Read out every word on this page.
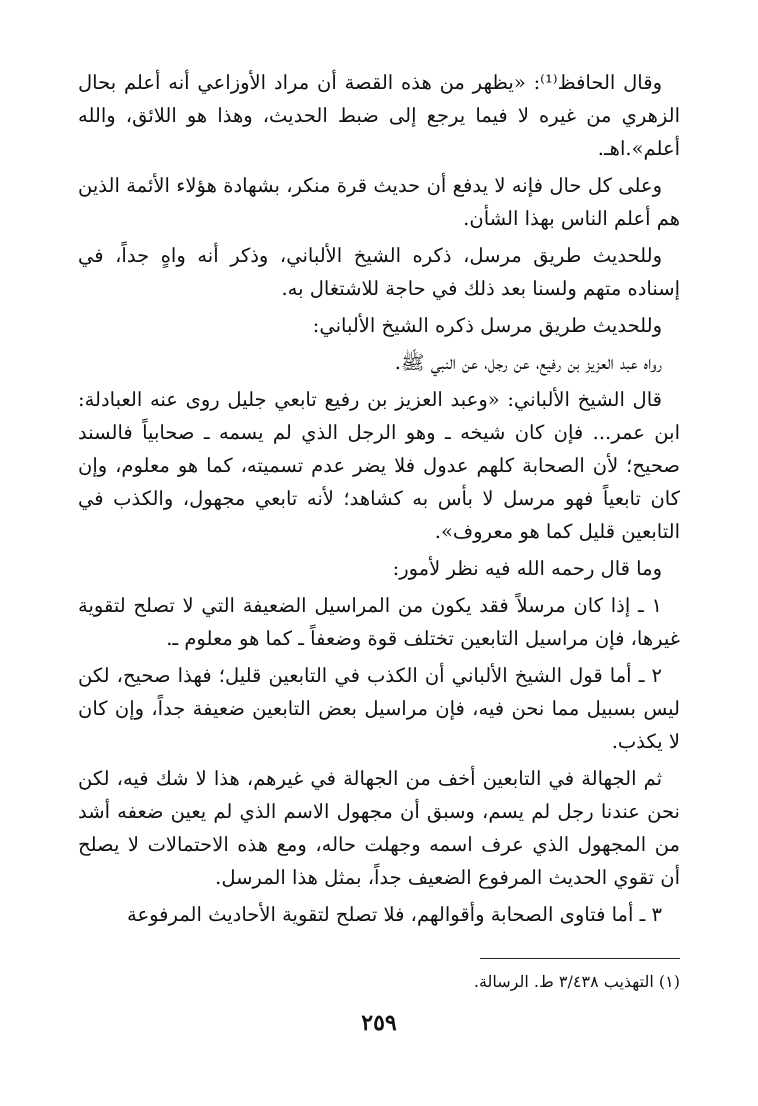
وقال الحافظ⁽¹⁾: «يظهر من هذه القصة أن مراد الأوزاعي أنه أعلم بحال الزهري من غيره لا فيما يرجع إلى ضبط الحديث، وهذا هو اللائق، والله أعلم».اهـ.

وعلى كل حال فإنه لا يدفع أن حديث قرة منكر، بشهادة هؤلاء الأئمة الذين هم أعلم الناس بهذا الشأن.

وللحديث طريق مرسل، ذكره الشيخ الألباني، وذكر أنه واهٍ جداً، في إسناده متهم ولسنا بعد ذلك في حاجة للاشتغال به.

وللحديث طريق مرسل ذكره الشيخ الألباني:

رواه عبد العزيز بن رفيع، عن رجل، عن النبي ﷺ.

قال الشيخ الألباني: «وعبد العزيز بن رفيع تابعي جليل روى عنه العبادلة: ابن عمر... فإن كان شيخه ـ وهو الرجل الذي لم يسمه ـ صحابياً فالسند صحيح؛ لأن الصحابة كلهم عدول فلا يضر عدم تسميته، كما هو معلوم، وإن كان تابعياً فهو مرسل لا بأس به كشاهد؛ لأنه تابعي مجهول، والكذب في التابعين قليل كما هو معروف».

وما قال رحمه الله فيه نظر لأمور:

١ ـ إذا كان مرسلاً فقد يكون من المراسيل الضعيفة التي لا تصلح لتقوية غيرها، فإن مراسيل التابعين تختلف قوة وضعفاً ـ كما هو معلوم ـ.

٢ ـ أما قول الشيخ الألباني أن الكذب في التابعين قليل؛ فهذا صحيح، لكن ليس بسبيل مما نحن فيه، فإن مراسيل بعض التابعين ضعيفة جداً، وإن كان لا يكذب.

ثم الجهالة في التابعين أخف من الجهالة في غيرهم، هذا لا شك فيه، لكن نحن عندنا رجل لم يسم، وسبق أن مجهول الاسم الذي لم يعين ضعفه أشد من المجهول الذي عرف اسمه وجهلت حاله، ومع هذه الاحتمالات لا يصلح أن تقوي الحديث المرفوع الضعيف جداً، بمثل هذا المرسل.

٣ ـ أما فتاوى الصحابة وأقوالهم، فلا تصلح لتقوية الأحاديث المرفوعة

(١) التهذيب ٣/٤٣٨ ط. الرسالة.
٢٥٩
